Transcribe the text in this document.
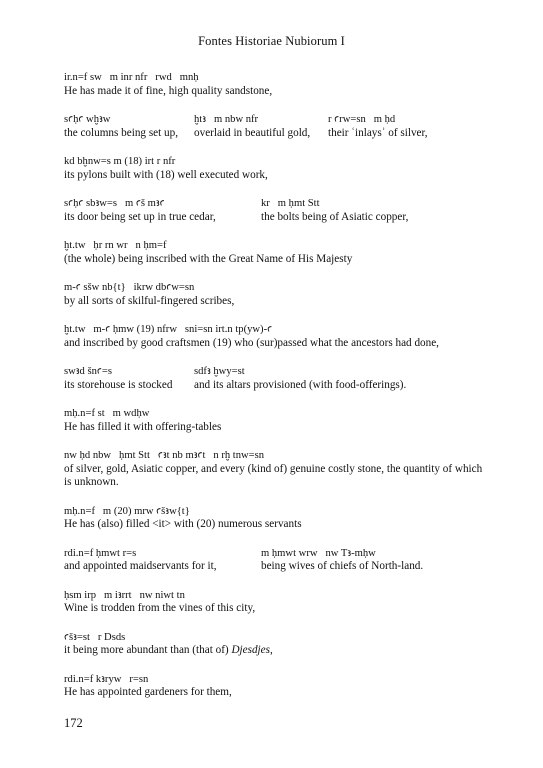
Fontes Historiae Nubiorum I
ir.n=f sw   m inr nfr   rwd   mnḥ
He has made it of fine, high quality sandstone,
sꜥḥꜥ wḫꜣw	ḫtꜣ   m nbw nfr	r ꜥrw=sn   m ḥd
the columns being set up,	overlaid in beautiful gold,	their ʿinlaysʾ of silver,
kd bḫnw=s m (18) irt r nfr
its pylons built with (18) well executed work,
sꜥḥꜥ sbꜣw=s   m ꜥš mꜣꜥ	kr   m ḥmt Stt
its door being set up in true cedar,	the bolts being of Asiatic copper,
ḫt.tw   ḥr rn wr   n ḥm=f
(the whole) being inscribed with the Great Name of His Majesty
m-ꜥ sšw nb{t}   ikrw dbꜥw=sn
by all sorts of skilful-fingered scribes,
ḫt.tw   m-ꜥ ḥmw (19) nfrw   sni=sn irt.n tp(yw)-ꜥ
and inscribed by good craftsmen (19) who (sur)passed what the ancestors had done,
swꜣd šnꜥ=s	sdfꜣ ḫwy=st
its storehouse is stocked	and its altars provisioned (with food-offerings).
mḥ.n=f st   m wdḥw
He has filled it with offering-tables
nw ḥd nbw   ḥmt Stt   ꜥꜣt nb mꜣꜥt   n rḫ tnw=sn
of silver, gold, Asiatic copper, and every (kind of) genuine costly stone, the quantity of which is unknown.
mḥ.n=f   m (20) mrw ꜥšꜣw{t}
He has (also) filled <it> with (20) numerous servants
rdi.n=f ḥmwt r=s	m ḥmwt wrw   nw Tꜣ-mḥw
and appointed maidservants for it,	being wives of chiefs of North-land.
ḥsm irp   m iꜣrrt   nw niwt tn
Wine is trodden from the vines of this city,
ꜥšꜣ=st   r Dsds
it being more abundant than (that of) Djesdjes ,
rdi.n=f kꜣryw   r=sn
He has appointed gardeners for them,
172
